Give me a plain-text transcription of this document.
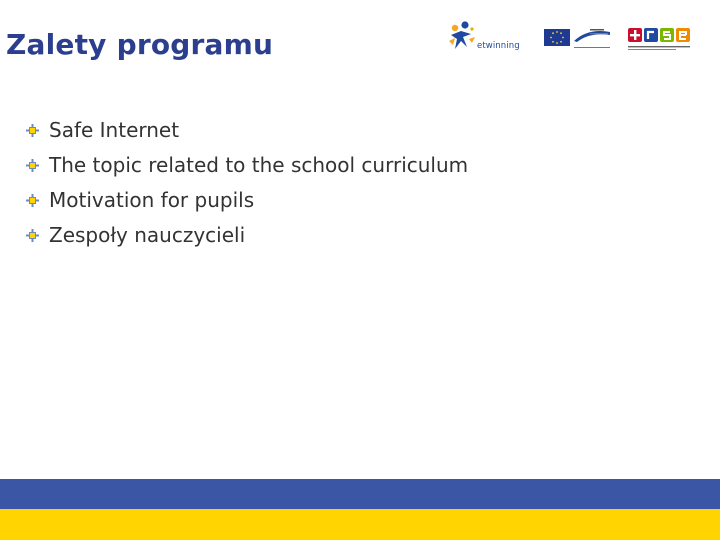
Zalety programu	etwinning
Safe Internet
The topic related to the school curriculum
Motivation for pupils
Zespoły nauczycieli
